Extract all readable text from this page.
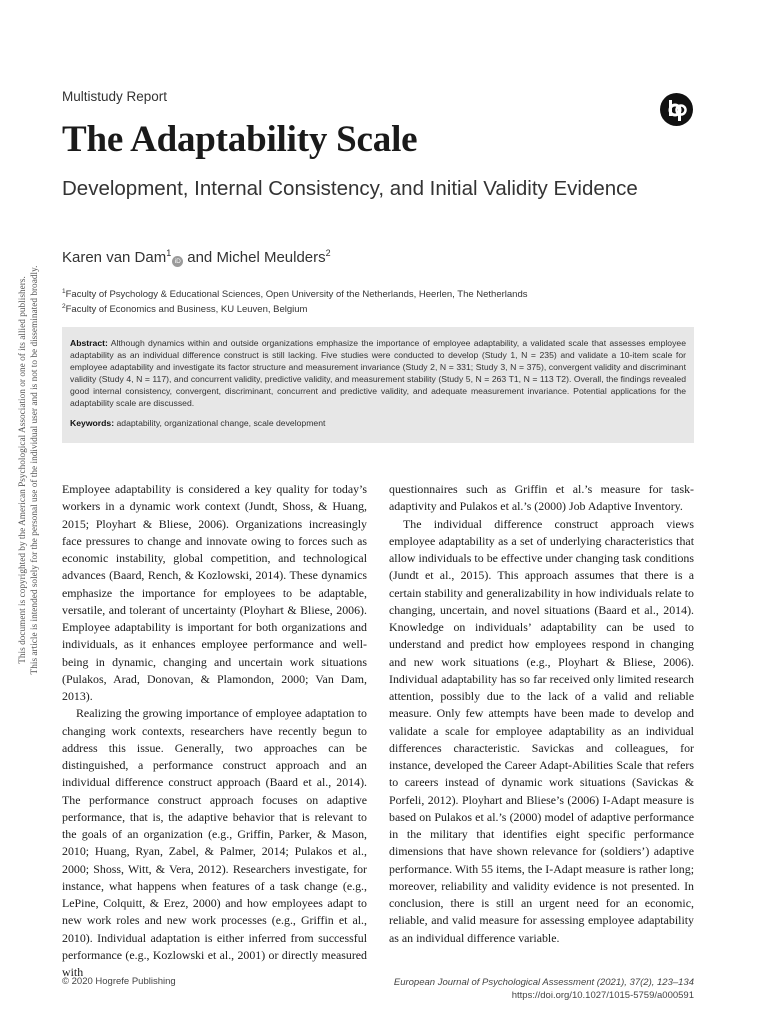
Multistudy Report
The Adaptability Scale
Development, Internal Consistency, and Initial Validity Evidence
Karen van Dam$^1$iD and Michel Meulders$^2$
$^1$Faculty of Psychology & Educational Sciences, Open University of the Netherlands, Heerlen, The Netherlands
$^2$Faculty of Economics and Business, KU Leuven, Belgium

Abstract: Although dynamics within and outside organizations emphasize the importance of employee adaptability, a validated scale that assesses employee adaptability as an individual difference construct is still lacking. Five studies were conducted to develop (Study 1, N = 235) and validate a 10-item scale for employee adaptability and investigate its factor structure and measurement invariance (Study 2, N = 331; Study 3, N = 375), convergent validity and discriminant validity (Study 4, N = 117), and concurrent validity, predictive validity, and measurement stability (Study 5, N = 263 T1, N = 113 T2). Overall, the findings revealed good internal consistency, convergent, discriminant, concurrent and predictive validity, and adequate measurement invariance. Potential applications for the adaptability scale are discussed.

Keywords: adaptability, organizational change, scale development

This document is copyrighted by the American Psychological Association or one of its allied publishers. This article is intended solely for the personal use of the individual user and is not to be disseminated broadly. Employee adaptability is considered a key quality for today’s workers in a dynamic work context (Jundt, Shoss, & Huang, 2015; Ployhart & Bliese, 2006). Organizations increasingly face pressures to change and innovate owing to forces such as economic instability, global competition, and technological advances (Baard, Rench, & Kozlowski, 2014). These dynamics emphasize the importance for employees to be adaptable, versatile, and tolerant of uncertainty (Ployhart & Bliese, 2006). Employee adaptability is important for both organizations and individuals, as it enhances employee performance and well-being in dynamic, changing and uncertain work situations (Pulakos, Arad, Donovan, & Plamondon, 2000; Van Dam, 2013).

Realizing the growing importance of employee adaptation to changing work contexts, researchers have recently begun to address this issue. Generally, two approaches can be distinguished, a performance construct approach and an individual difference construct approach (Baard et al., 2014). The performance construct approach focuses on adaptive performance, that is, the adaptive behavior that is relevant to the goals of an organization (e.g., Griffin, Parker, & Mason, 2010; Huang, Ryan, Zabel, & Palmer, 2014; Pulakos et al., 2000; Shoss, Witt, & Vera, 2012). Researchers investigate, for instance, what happens when features of a task change (e.g., LePine, Colquitt, & Erez, 2000) and how employees adapt to new work roles and new work processes (e.g., Griffin et al., 2010). Individual adaptation is either inferred from successful performance (e.g., Kozlowski et al., 2001) or directly measured with

questionnaires such as Griffin et al.’s measure for task-adaptivity and Pulakos et al.’s (2000) Job Adaptive Inventory.

The individual difference construct approach views employee adaptability as a set of underlying characteristics that allow individuals to be effective under changing task conditions (Jundt et al., 2015). This approach assumes that there is a certain stability and generalizability in how individuals relate to changing, uncertain, and novel situations (Baard et al., 2014). Knowledge on individuals’ adaptability can be used to understand and predict how employees respond in changing and new work situations (e.g., Ployhart & Bliese, 2006). Individual adaptability has so far received only limited research attention, possibly due to the lack of a valid and reliable measure. Only few attempts have been made to develop and validate a scale for employee adaptability as an individual differences characteristic. Savickas and colleagues, for instance, developed the Career Adapt-Abilities Scale that refers to careers instead of dynamic work situations (Savickas & Porfeli, 2012). Ployhart and Bliese’s (2006) I-Adapt measure is based on Pulakos et al.’s (2000) model of adaptive performance in the military that identifies eight specific performance dimensions that have shown relevance for (soldiers’) adaptive performance. With 55 items, the I-Adapt measure is rather long; moreover, reliability and validity evidence is not presented. In conclusion, there is still an urgent need for an economic, reliable, and valid measure for assessing employee adaptability as an individual difference variable.

© 2020 Hogrefe Publishing	European Journal of Psychological Assessment (2021), 37(2), 123–134
https://doi.org/10.1027/1015-5759/a000591
